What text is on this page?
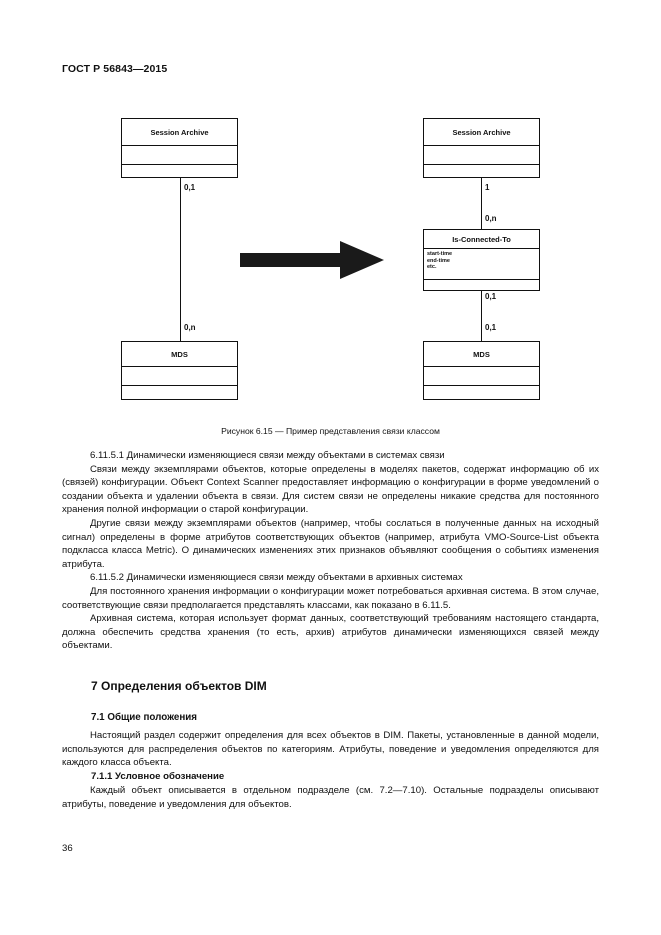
ГОСТ Р 56843—2015
Session Archive
0,1
0,n
MDS
Session Archive
1
0,n
Is-Connected-To
start-time
end-time
etc.
0,1
0,1
MDS
Рисунок 6.15 — Пример представления связи классом

6.11.5.1 Динамически изменяющиеся связи между объектами в системах связи

Связи между экземплярами объектов, которые определены в моделях пакетов, содержат информацию об их (связей) конфигурации. Объект Context Scanner предоставляет информацию о конфигурации в форме уведомлений о создании объекта и удалении объекта в связи. Для систем связи не определены никакие средства для постоянного хранения полной информации о старой конфигурации.

Другие связи между экземплярами объектов (например, чтобы сослаться в полученные данных на исходный сигнал) определены в форме атрибутов соответствующих объектов (например, атрибута VMO-Source-List объекта подкласса класса Metric). О динамических изменениях этих признаков объявляют сообщения о событиях изменения атрибута.

6.11.5.2 Динамически изменяющиеся связи между объектами в архивных системах

Для постоянного хранения информации о конфигурации может потребоваться архивная система. В этом случае, соответствующие связи предполагается представлять классами, как показано в 6.11.5.

Архивная система, которая использует формат данных, соответствующий требованиям настоящего стандарта, должна обеспечить средства хранения (то есть, архив) атрибутов динамически изменяющихся связей между объектами.

7 Определения объектов DIM
7.1 Общие положения

Настоящий раздел содержит определения для всех объектов в DIM. Пакеты, установленные в данной модели, используются для распределения объектов по категориям. Атрибуты, поведение и уведомления определяются для каждого класса объекта.

7.1.1 Условное обозначение

Каждый объект описывается в отдельном подразделе (см. 7.2—7.10). Остальные подразделы описывают атрибуты, поведение и уведомления для объектов.

36
